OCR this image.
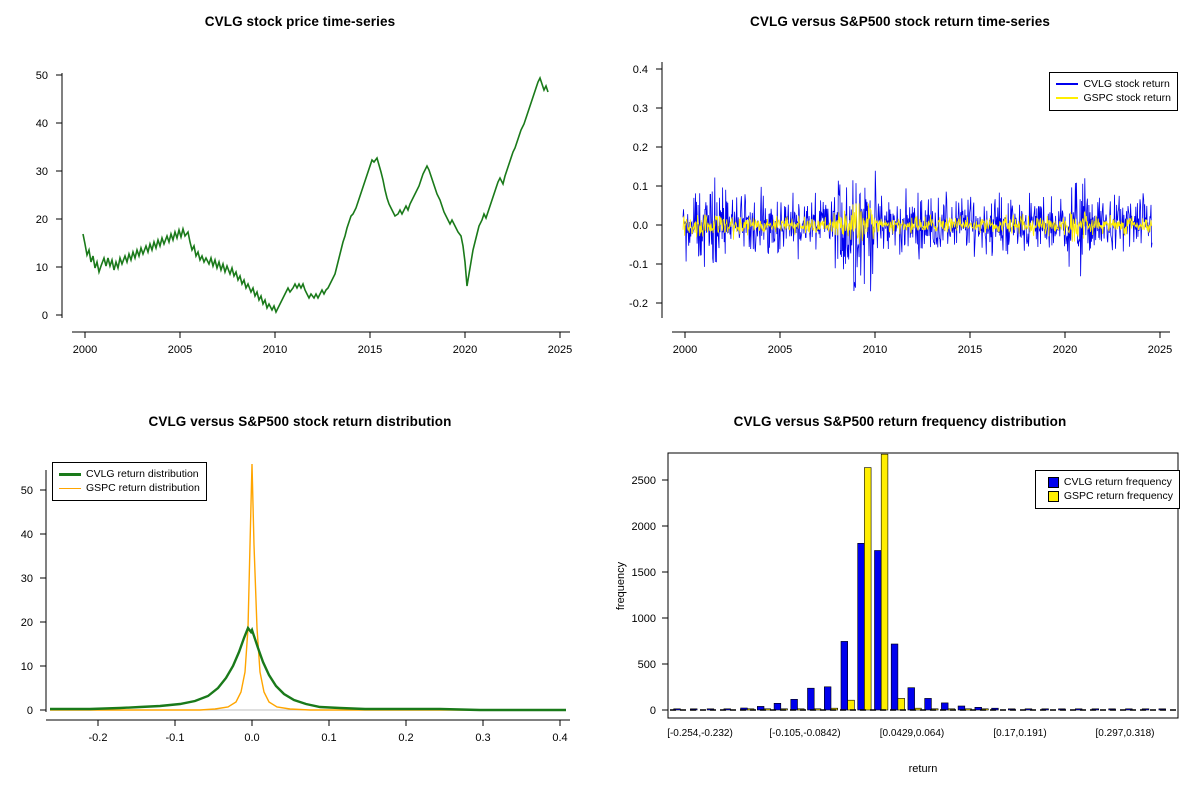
CVLG stock price time-series
2000	2005	2010	2015	2020	2025
0
10
20
30
40
50
CVLG versus S&P500 stock return time-series
2000	2005	2010	2015	2020	2025
-0.2
-0.1
0.0
0.1
0.2
0.3
0.4
CVLG stock return
GSPC stock return
CVLG versus S&P500 stock return distribution
-0.2	-0.1	0.0	0.1	0.2	0.3	0.4
0
10
20
30
40
50
CVLG return distribution
GSPC return distribution
CVLG versus S&P500 return frequency distribution
0
500
1000
1500
2000
2500
[-0.254,-0.232)	[-0.105,-0.0842)	[0.0429,0.064)	[0.17,0.191)	[0.297,0.318)
return
frequency
CVLG return frequency
GSPC return frequency
